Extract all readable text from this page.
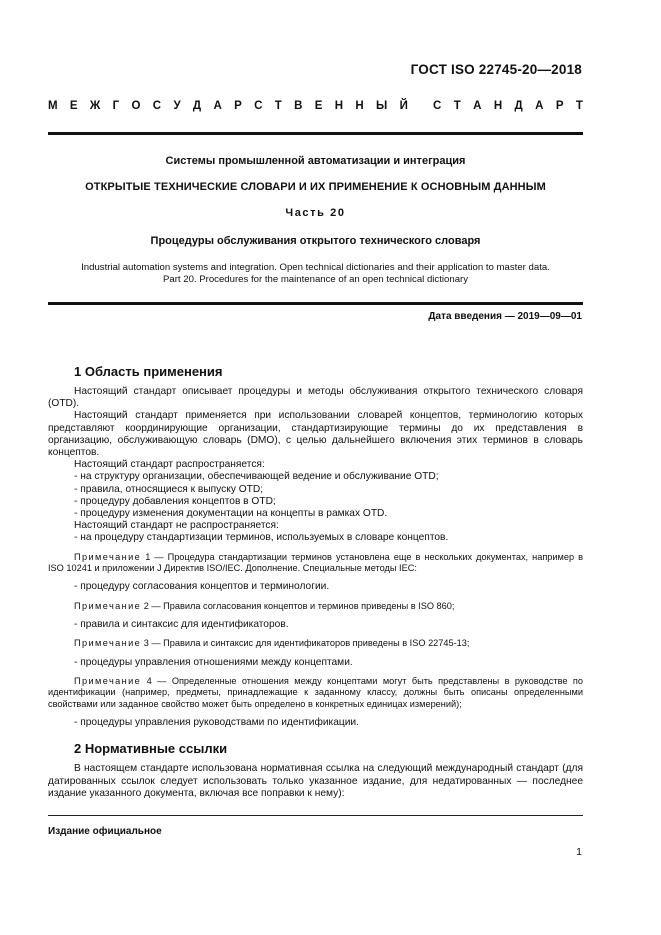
ГОСТ ISO 22745-20—2018
М Е Ж Г О С У Д А Р С Т В Е Н Н Ы Й С Т А Н Д А Р Т
Системы промышленной автоматизации и интеграция
ОТКРЫТЫЕ ТЕХНИЧЕСКИЕ СЛОВАРИ И ИХ ПРИМЕНЕНИЕ К ОСНОВНЫМ ДАННЫМ
Часть 20
Процедуры обслуживания открытого технического словаря
Industrial automation systems and integration. Open technical dictionaries and their application to master data.
Part 20. Procedures for the maintenance of an open technical dictionary
Дата введения — 2019—09—01
1 Область применения

Настоящий стандарт описывает процедуры и методы обслуживания открытого технического словаря (OTD).

Настоящий стандарт применяется при использовании словарей концептов, терминологию которых представляют координирующие организации, стандартизирующие термины до их представления в организацию, обслуживающую словарь (DMO), с целью дальнейшего включения этих терминов в словарь концептов.

Настоящий стандарт распространяется:

- на структуру организации, обеспечивающей ведение и обслуживание OTD;

- правила, относящиеся к выпуску OTD;

- процедуру добавления концептов в OTD;

- процедуру изменения документации на концепты в рамках OTD.

Настоящий стандарт не распространяется:

- на процедуру стандартизации терминов, используемых в словаре концептов.

Примечание 1 — Процедура стандартизации терминов установлена еще в нескольких документах, например в ISO 10241 и приложении J Директив ISO/IEC. Дополнение. Специальные методы IEC:

- процедуру согласования концептов и терминологии.

Примечание 2 — Правила согласования концептов и терминов приведены в ISO 860;

- правила и синтаксис для идентификаторов.

Примечание 3 — Правила и синтаксис для идентификаторов приведены в ISO 22745-13;

- процедуры управления отношениями между концептами.

Примечание 4 — Определенные отношения между концептами могут быть представлены в руководстве по идентификации (например, предметы, принадлежащие к заданному классу, должны быть описаны определенными свойствами или заданное свойство может быть определено в конкретных единицах измерений);

- процедуры управления руководствами по идентификации.

2 Нормативные ссылки

В настоящем стандарте использована нормативная ссылка на следующий международный стандарт (для датированных ссылок следует использовать только указанное издание, для недатированных — последнее издание указанного документа, включая все поправки к нему):

Издание официальное
1
